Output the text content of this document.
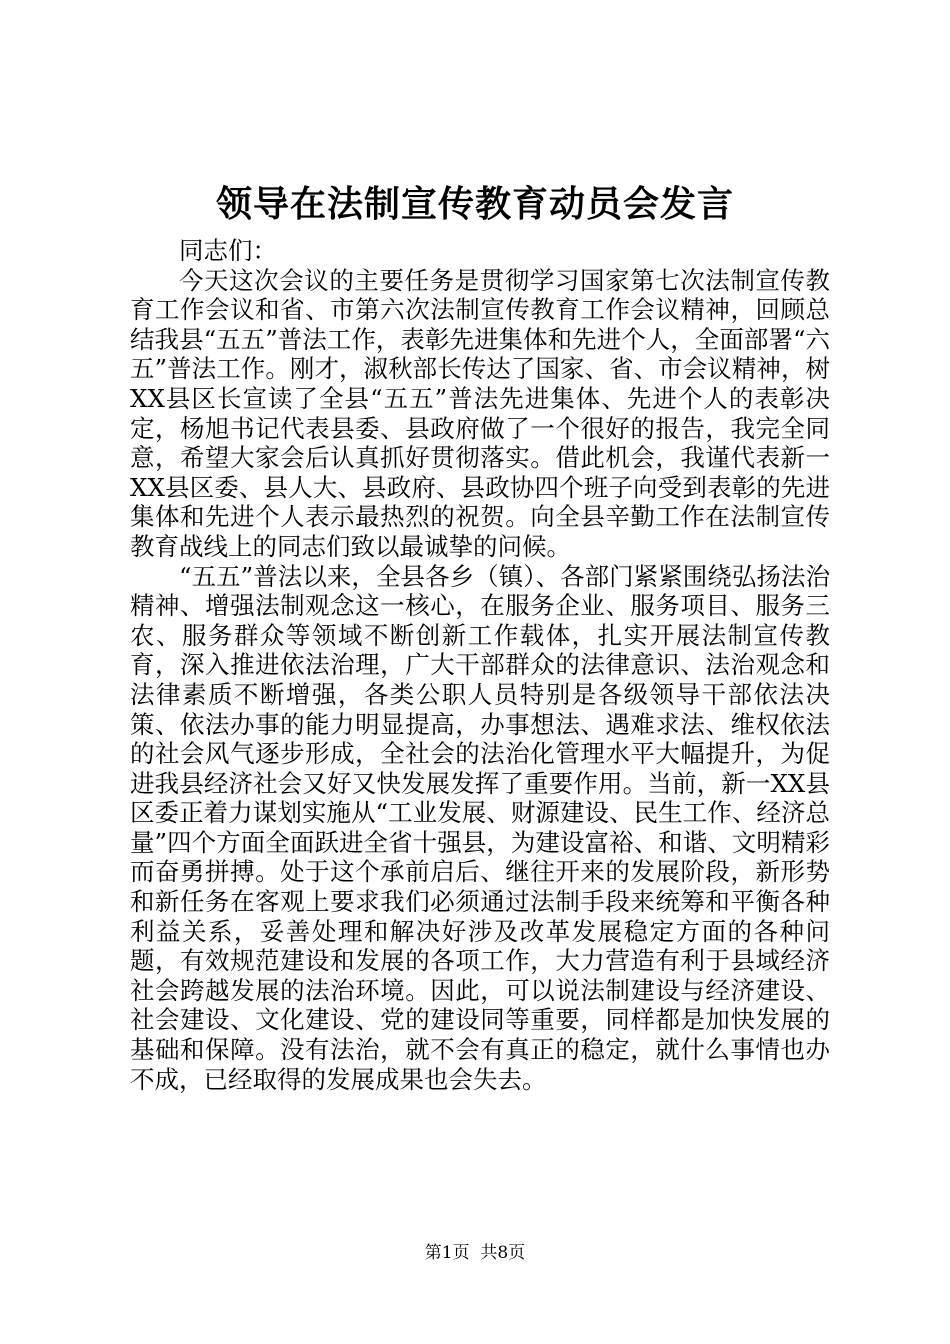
领导在法制宣传教育动员会发言

同志们：

今天这次会议的主要任务是贯彻学习国家第七次法制宣传教育工作会议和省、市第六次法制宣传教育工作会议精神，回顾总结我县“五五”普法工作，表彰先进集体和先进个人，全面部署“六五”普法工作。刚才，淑秋部长传达了国家、省、市会议精神，树XX县区长宣读了全县“五五”普法先进集体、先进个人的表彰决定，杨旭书记代表县委、县政府做了一个很好的报告，我完全同意，希望大家会后认真抓好贯彻落实。借此机会，我谨代表新一XX县区委、县人大、县政府、县政协四个班子向受到表彰的先进集体和先进个人表示最热烈的祝贺。向全县辛勤工作在法制宣传教育战线上的同志们致以最诚挚的问候。

“五五”普法以来，全县各乡（镇）、各部门紧紧围绕弘扬法治精神、增强法制观念这一核心，在服务企业、服务项目、服务三农、服务群众等领域不断创新工作载体，扎实开展法制宣传教育，深入推进依法治理，广大干部群众的法律意识、法治观念和法律素质不断增强，各类公职人员特别是各级领导干部依法决策、依法办事的能力明显提高，办事想法、遇难求法、维权依法的社会风气逐步形成，全社会的法治化管理水平大幅提升，为促进我县经济社会又好又快发展发挥了重要作用。当前，新一XX县区委正着力谋划实施从“工业发展、财源建设、民生工作、经济总量”四个方面全面跃进全省十强县，为建设富裕、和谐、文明精彩而奋勇拼搏。处于这个承前启后、继往开来的发展阶段，新形势和新任务在客观上要求我们必须通过法制手段来统筹和平衡各种利益关系，妥善处理和解决好涉及改革发展稳定方面的各种问题，有效规范建设和发展的各项工作，大力营造有利于县域经济社会跨越发展的法治环境。因此，可以说法制建设与经济建设、社会建设、文化建设、党的建设同等重要，同样都是加快发展的基础和保障。没有法治，就不会有真正的稳定，就什么事情也办不成，已经取得的发展成果也会失去。

第1页  共8页
